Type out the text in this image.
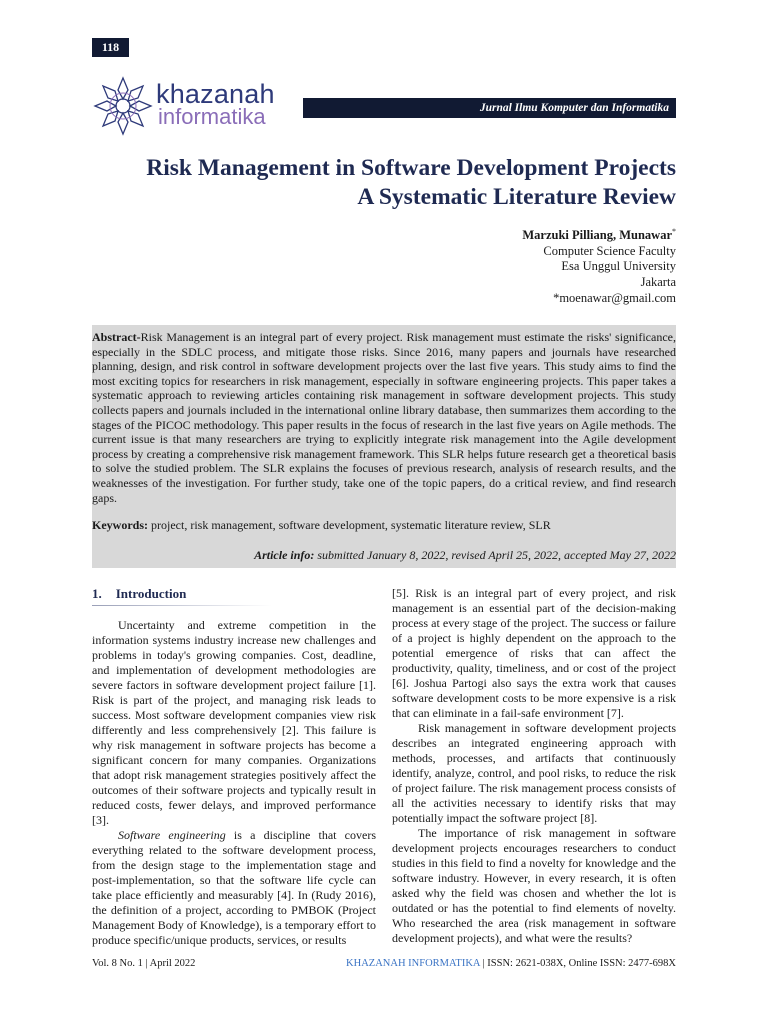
118
khazanah
informatika	Jurnal Ilmu Komputer dan Informatika
Risk Management in Software Development Projects
A Systematic Literature Review
Marzuki Pilliang, Munawar*
Computer Science Faculty
Esa Unggul University
Jakarta
*moenawar@gmail.com
Abstract-Risk Management is an integral part of every project. Risk management must estimate the risks' significance, especially in the SDLC process, and mitigate those risks. Since 2016, many papers and journals have researched planning, design, and risk control in software development projects over the last five years. This study aims to find the most exciting topics for researchers in risk management, especially in software engineering projects. This paper takes a systematic approach to reviewing articles containing risk management in software development projects. This study collects papers and journals included in the international online library database, then summarizes them according to the stages of the PICOC methodology. This paper results in the focus of research in the last five years on Agile methods. The current issue is that many researchers are trying to explicitly integrate risk management into the Agile development process by creating a comprehensive risk management framework. This SLR helps future research get a theoretical basis to solve the studied problem. The SLR explains the focuses of previous research, analysis of research results, and the weaknesses of the investigation. For further study, take one of the topic papers, do a critical review, and find research gaps.
Keywords: project, risk management, software development, systematic literature review, SLR
Article info: submitted January 8, 2022, revised April 25, 2022, accepted May 27, 2022
1. Introduction

Uncertainty and extreme competition in the information systems industry increase new challenges and problems in today's growing companies. Cost, deadline, and implementation of development methodologies are severe factors in software development project failure [1]. Risk is part of the project, and managing risk leads to success. Most software development companies view risk differently and less comprehensively [2]. This failure is why risk management in software projects has become a significant concern for many companies. Organizations that adopt risk management strategies positively affect the outcomes of their software projects and typically result in reduced costs, fewer delays, and improved performance [3].

Software engineering is a discipline that covers everything related to the software development process, from the design stage to the implementation stage and post-implementation, so that the software life cycle can take place efficiently and measurably [4]. In (Rudy 2016), the definition of a project, according to PMBOK (Project Management Body of Knowledge), is a temporary effort to produce specific/unique products, services, or results

[5]. Risk is an integral part of every project, and risk management is an essential part of the decision-making process at every stage of the project. The success or failure of a project is highly dependent on the approach to the potential emergence of risks that can affect the productivity, quality, timeliness, and or cost of the project [6]. Joshua Partogi also says the extra work that causes software development costs to be more expensive is a risk that can eliminate in a fail-safe environment [7].

Risk management in software development projects describes an integrated engineering approach with methods, processes, and artifacts that continuously identify, analyze, control, and pool risks, to reduce the risk of project failure. The risk management process consists of all the activities necessary to identify risks that may potentially impact the software project [8].

The importance of risk management in software development projects encourages researchers to conduct studies in this field to find a novelty for knowledge and the software industry. However, in every research, it is often asked why the field was chosen and whether the lot is outdated or has the potential to find elements of novelty. Who researched the area (risk management in software development projects), and what were the results?

Vol. 8 No. 1 | April 2022	KHAZANAH INFORMATIKA | ISSN: 2621-038X, Online ISSN: 2477-698X
